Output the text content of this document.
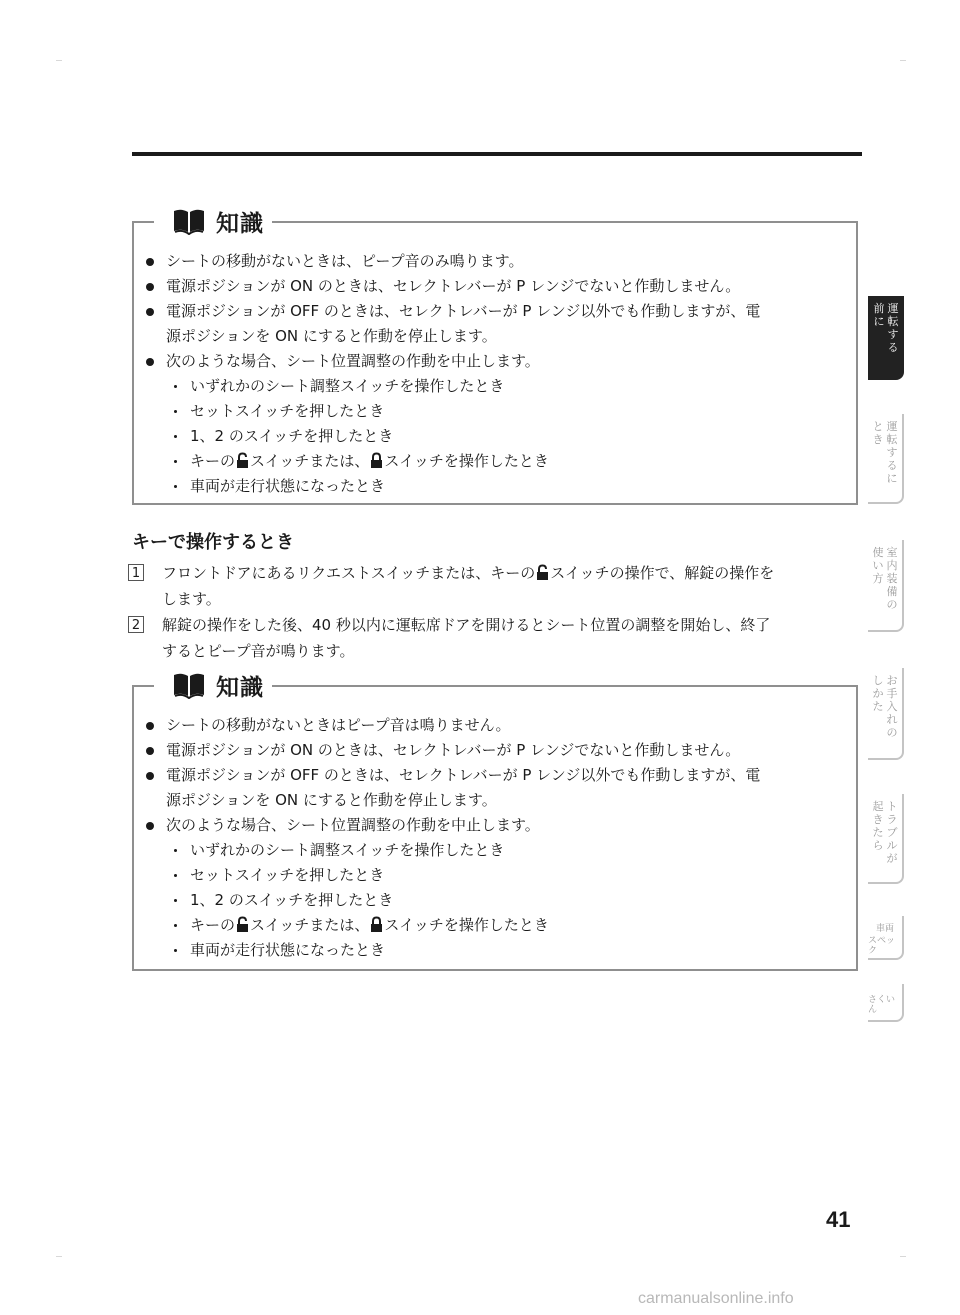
知識
シートの移動がないときは、ピープ音のみ鳴ります。
電源ポジションが ON のときは、セレクトレバーが P レンジでないと作動しません。
電源ポジションが OFF のときは、セレクトレバーが P レンジ以外でも作動しますが、電
源ポジションを ON にすると作動を停止します。
次のような場合、シート位置調整の作動を中止します。
いずれかのシート調整スイッチを操作したとき
セットスイッチを押したとき
1、2 のスイッチを押したとき
キーの スイッチまたは、 スイッチを操作したとき
車両が走行状態になったとき
キーで操作するとき
1 フロントドアにあるリクエストスイッチまたは、キーの スイッチの操作で、解錠の操作を
します。
2 解錠の操作をした後、40 秒以内に運転席ドアを開けるとシート位置の調整を開始し、終了
するとピープ音が鳴ります。
知識
シートの移動がないときはピープ音は鳴りません。
電源ポジションが ON のときは、セレクトレバーが P レンジでないと作動しません。
電源ポジションが OFF のときは、セレクトレバーが P レンジ以外でも作動しますが、電
源ポジションを ON にすると作動を停止します。
次のような場合、シート位置調整の作動を中止します。
いずれかのシート調整スイッチを操作したとき
セットスイッチを押したとき
1、2 のスイッチを押したとき
キーの スイッチまたは、 スイッチを操作したとき
車両が走行状態になったとき
前に
運転する
とき
運転するに
使い方
室内装備の
しかた
お手入れの
起きたら
トラブルが
車両
スペック
さくいん
41
carmanualsonline.info
